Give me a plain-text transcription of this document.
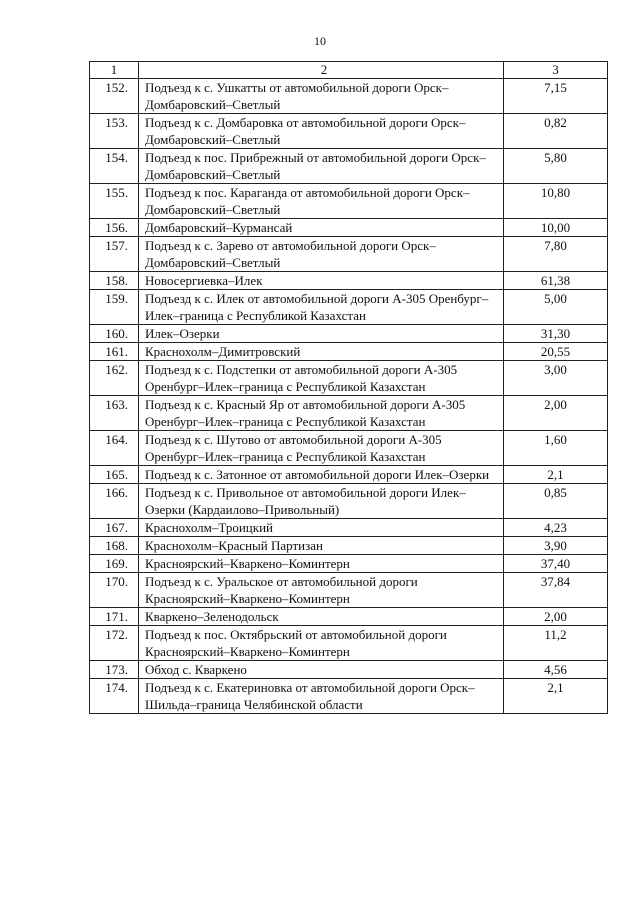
10
1	2	3
152.	Подъезд к с. Ушкатты от автомобильной дороги Орск–Домбаровский–Светлый	7,15
153.	Подъезд к с. Домбаровка от автомобильной дороги Орск–Домбаровский–Светлый	0,82
154.	Подъезд к пос. Прибрежный от автомобильной дороги Орск–Домбаровский–Светлый	5,80
155.	Подъезд к пос. Караганда от автомобильной дороги Орск–Домбаровский–Светлый	10,80
156.	Домбаровский–Курмансай	10,00
157.	Подъезд к с. Зарево от автомобильной дороги Орск–Домбаровский–Светлый	7,80
158.	Новосергиевка–Илек	61,38
159.	Подъезд к с. Илек от автомобильной дороги А-305 Оренбург–Илек–граница с Республикой Казахстан	5,00
160.	Илек–Озерки	31,30
161.	Краснохолм–Димитровский	20,55
162.	Подъезд к с. Подстепки от автомобильной дороги А-305 Оренбург–Илек–граница с Республикой Казахстан	3,00
163.	Подъезд к с. Красный Яр от автомобильной дороги А-305 Оренбург–Илек–граница с Республикой Казахстан	2,00
164.	Подъезд к с. Шутово от автомобильной дороги А-305 Оренбург–Илек–граница с Республикой Казахстан	1,60
165.	Подъезд к с. Затонное от автомобильной дороги Илек–Озерки	2,1
166.	Подъезд к с. Привольное от автомобильной дороги Илек–Озерки (Кардаилово–Привольный)	0,85
167.	Краснохолм–Троицкий	4,23
168.	Краснохолм–Красный Партизан	3,90
169.	Красноярский–Кваркено–Коминтерн	37,40
170.	Подъезд к с. Уральское от автомобильной дороги Красноярский–Кваркено–Коминтерн	37,84
171.	Кваркено–Зеленодольск	2,00
172.	Подъезд к пос. Октябрьский от автомобильной дороги Красноярский–Кваркено–Коминтерн	11,2
173.	Обход с. Кваркено	4,56
174.	Подъезд к с. Екатериновка от автомобильной дороги Орск–Шильда–граница Челябинской области	2,1
